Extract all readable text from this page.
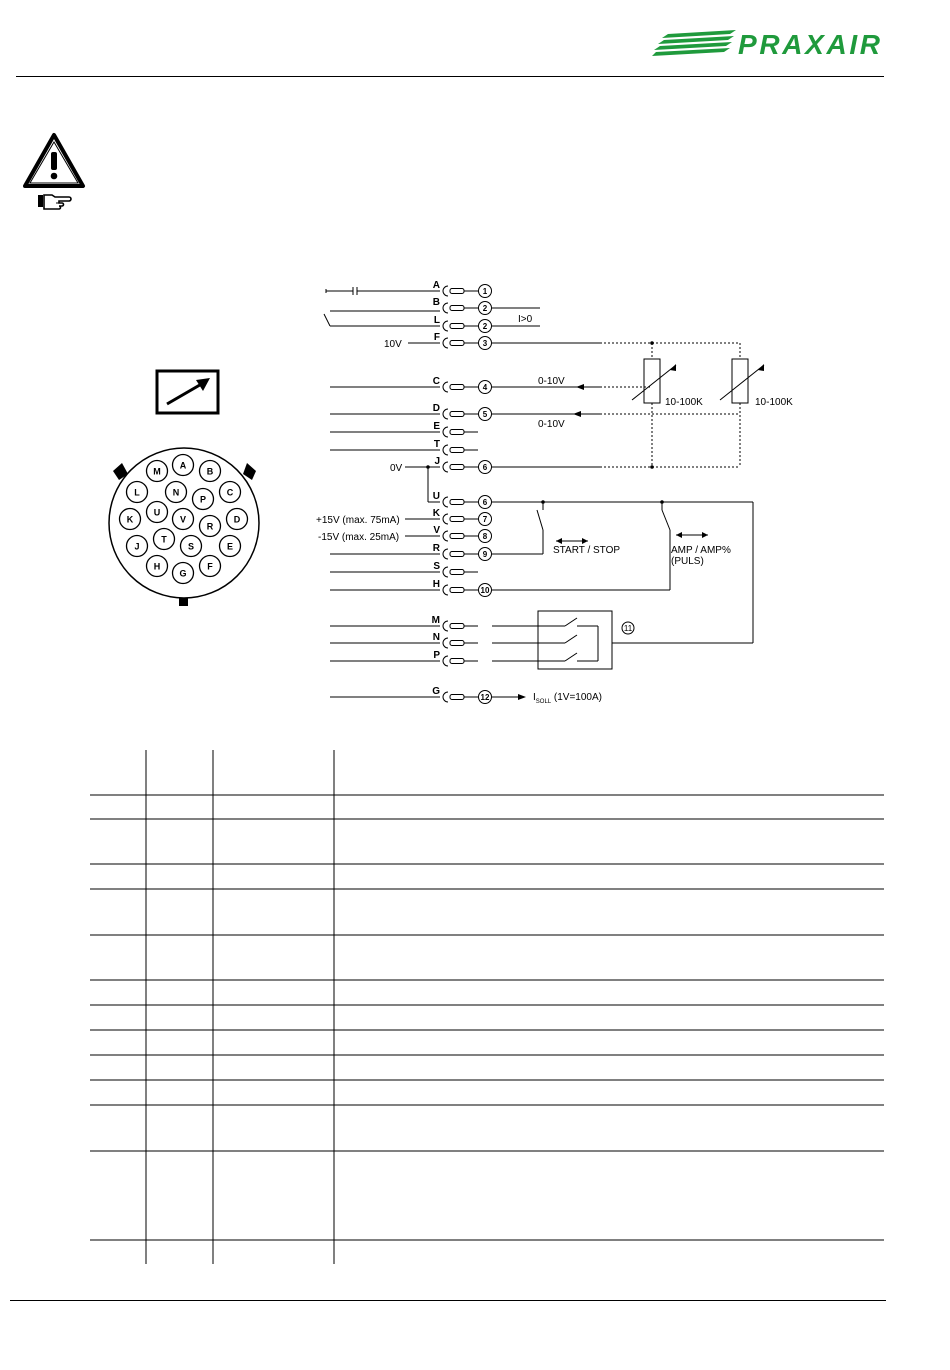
PRAXAIR
A
B
C
D
E
F
G
H
J
K
L
M
N
P
R
S
T
U
V
A
1
B
2
L
2
F
3
C
4
D
5
E
T
J
6
U
6
K
7
V
8
R
9
S
H
10
M
N
P
G
12
11
I>0
10V
0-10V
0-10V
10-100K	10-100K
0V
+15V (max. 75mA)
-15V (max. 25mA)
START / STOP	AMP / AMP%
(PULS)
$I_{SOLL}$ (1V=100A)
